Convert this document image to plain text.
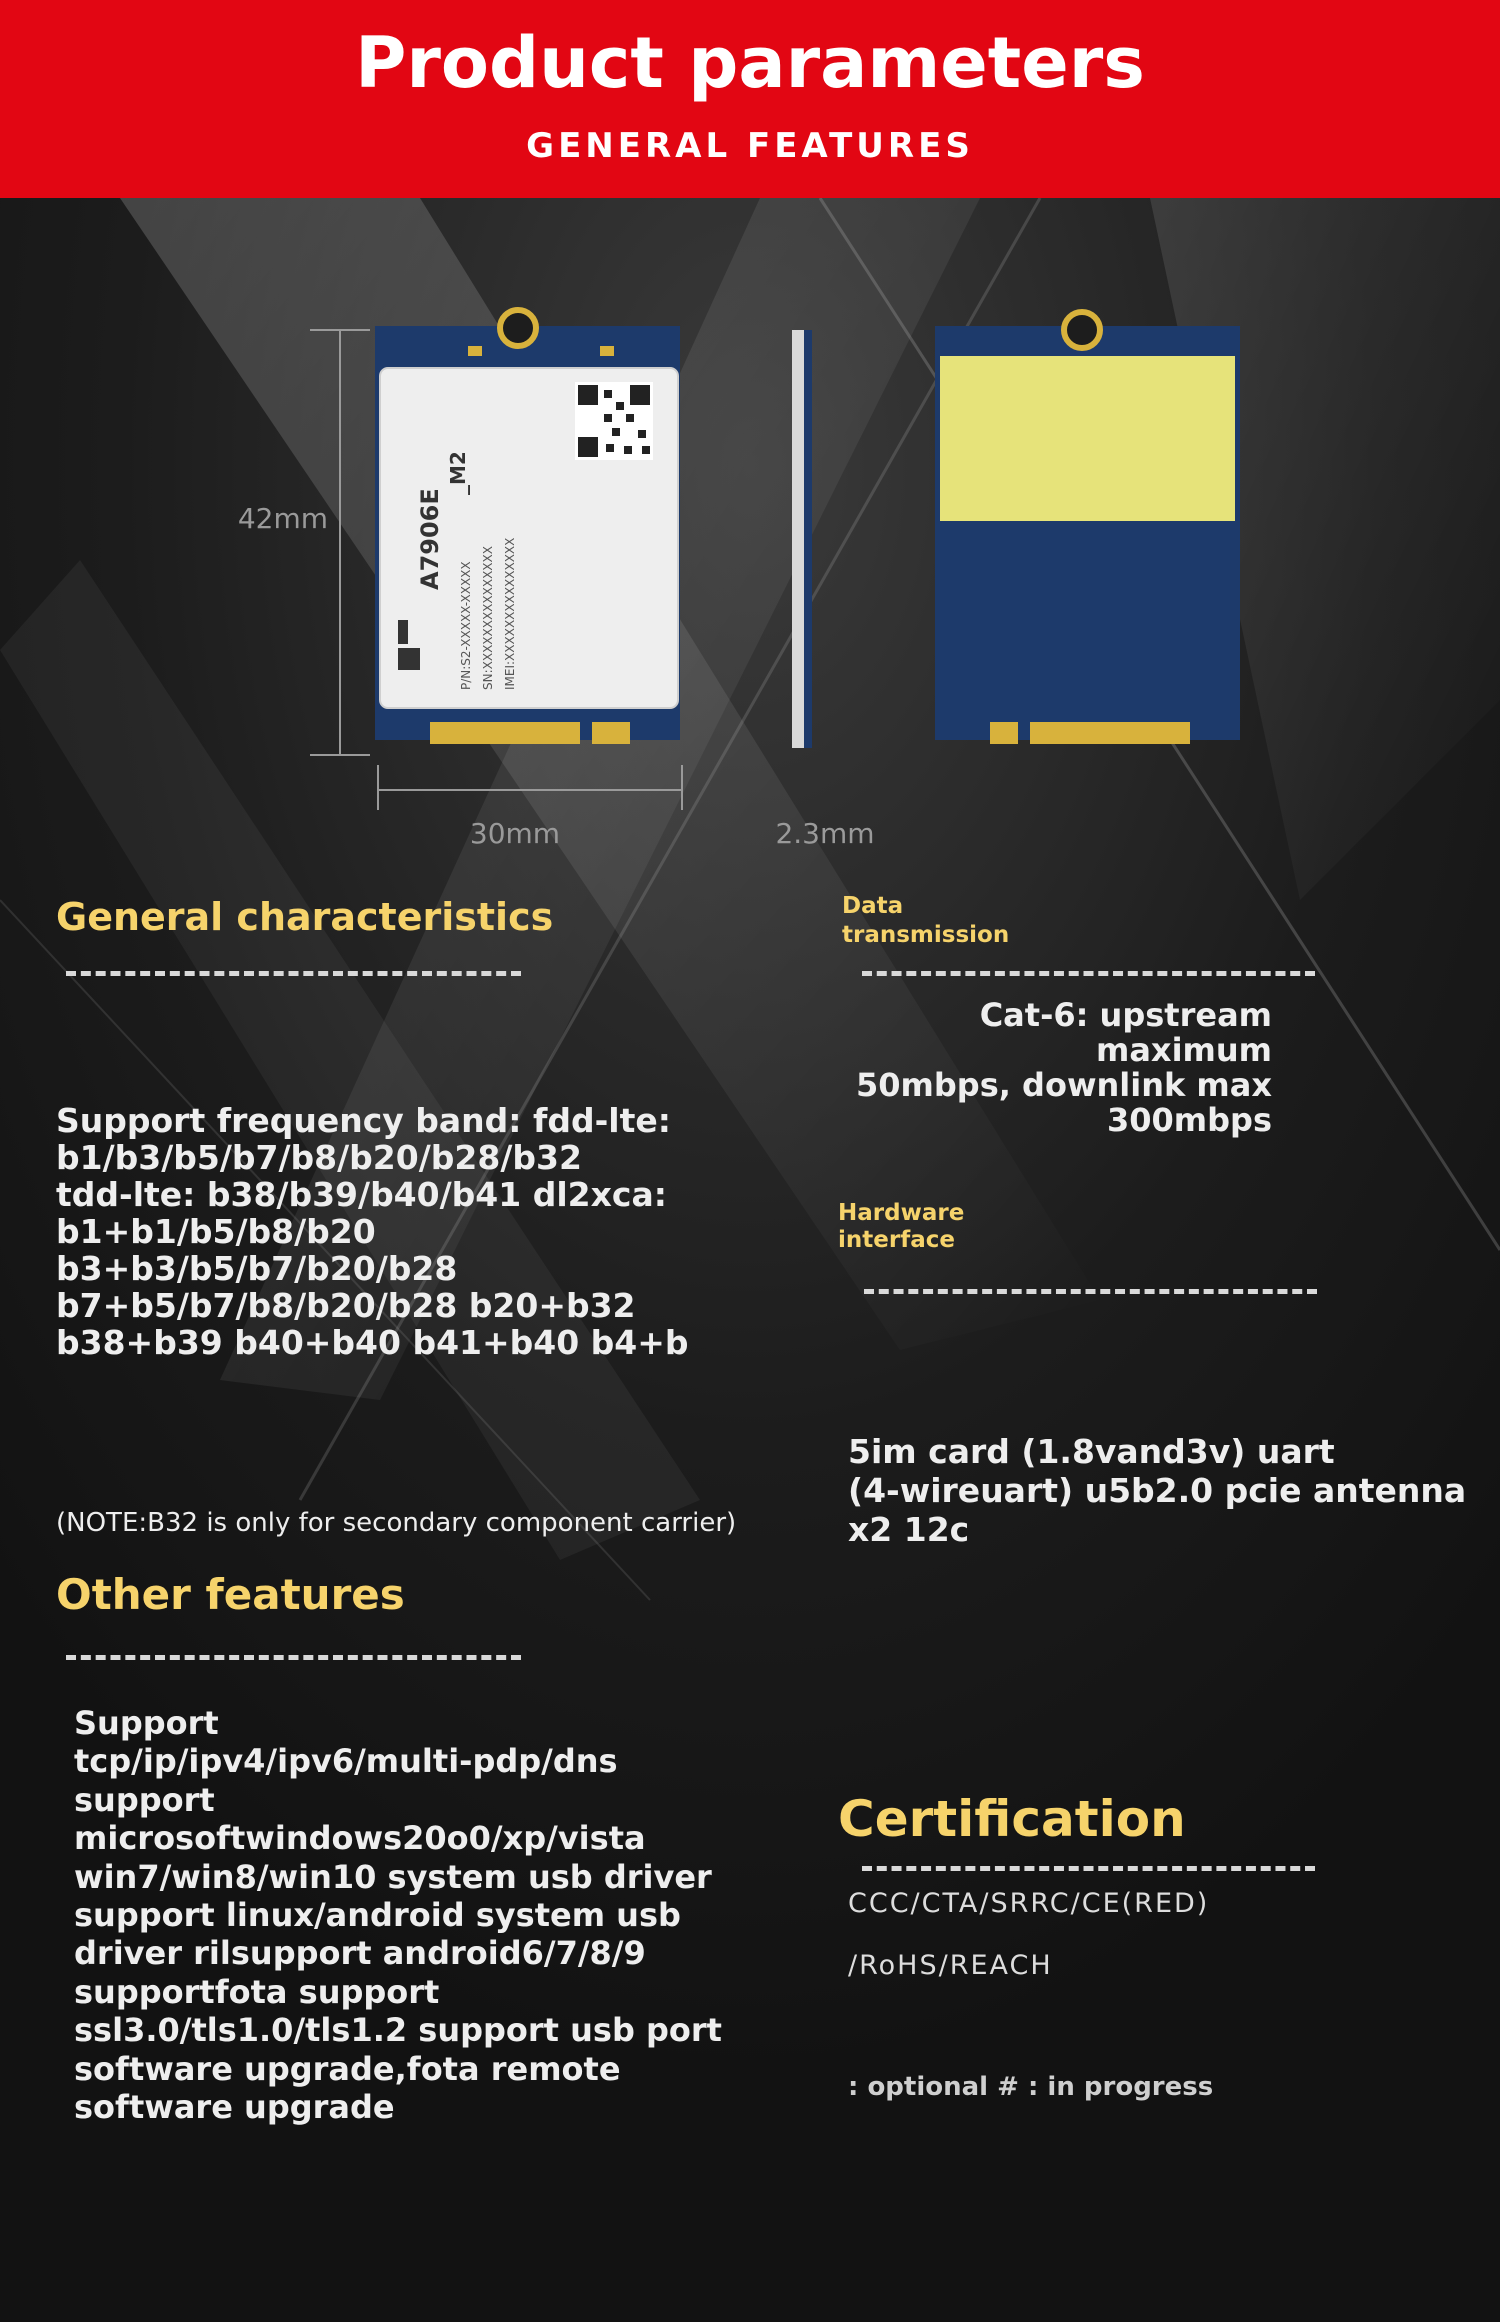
Product parameters
GENERAL FEATURES
42mm
30mm	2.3mm
A7906E
_M2
P/N:S2-XXXXX-XXXXX SN:XXXXXXXXXXXXXXX IMEI:XXXXXXXXXXXXXXX
General characteristics
Support frequency band: fdd-lte:
b1/b3/b5/b7/b8/b20/b28/b32
tdd-lte: b38/b39/b40/b41 dl2xca:
b1+b1/b5/b8/b20
b3+b3/b5/b7/b20/b28
b7+b5/b7/b8/b20/b28 b20+b32
b38+b39 b40+b40 b41+b40 b4+b
(NOTE:B32 is only for secondary component carrier)
Data
transmission
Cat-6: upstream maximum
50mbps, downlink max
300mbps
Hardware
interface
5im card (1.8vand3v) uart
(4-wireuart) u5b2.0 pcie antenna
x2 12c
Other features
Support
tcp/ip/ipv4/ipv6/multi-pdp/dns
support
microsoftwindows20o0/xp/vista
win7/win8/win10 system usb driver
support linux/android system usb
driver rilsupport android6/7/8/9
supportfota support
ssl3.0/tls1.0/tls1.2 support usb port
software upgrade,fota remote
software upgrade
Certification
CCC/CTA/SRRC/CE(RED)
/RoHS/REACH
: optional # : in progress
